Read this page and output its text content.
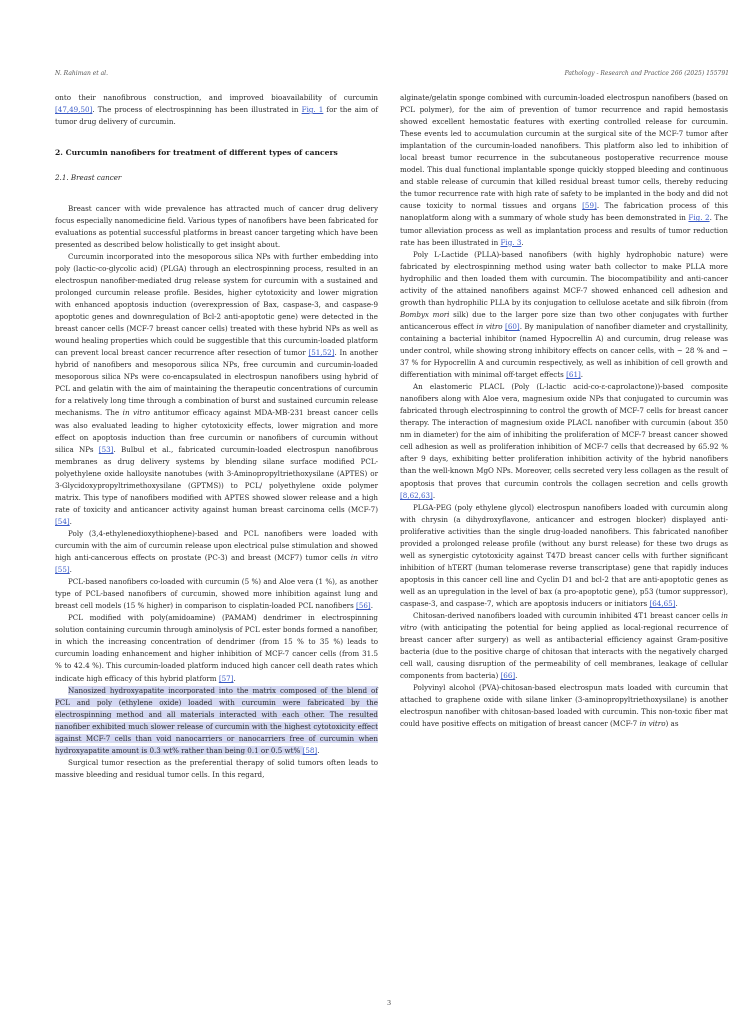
N. Rahiman et al.	Pathology - Research and Practice 266 (2025) 155791

onto their nanofibrous construction, and improved bioavailability of curcumin [47,49,50]. The process of electrospinning has been illustrated in Fig. 1 for the aim of tumor drug delivery of curcumin.

2. Curcumin nanofibers for treatment of different types of cancers

2.1. Breast cancer

Breast cancer with wide prevalence has attracted much of cancer drug delivery focus especially nanomedicine field. Various types of nanofibers have been fabricated for evaluations as potential successful platforms in breast cancer targeting which have been presented as described below holistically to get insight about.

Curcumin incorporated into the mesoporous silica NPs with further embedding into poly (lactic-co-glycolic acid) (PLGA) through an electrospinning process, resulted in an electrospun nanofiber-mediated drug release system for curcumin with a sustained and prolonged curcumin release profile. Besides, higher cytotoxicity and lower migration with enhanced apoptosis induction (overexpression of Bax, caspase-3, and caspase-9 apoptotic genes and downregulation of Bcl-2 anti-apoptotic gene) were detected in the breast cancer cells (MCF-7 breast cancer cells) treated with these hybrid NPs as well as wound healing properties which could be suggestible that this curcumin-loaded platform can prevent local breast cancer recurrence after resection of tumor [51,52]. In another hybrid of nanofibers and mesoporous silica NPs, free curcumin and curcumin-loaded mesoporous silica NPs were co-encapsulated in electrospun nanofibers using hybrid of PCL and gelatin with the aim of maintaining the therapeutic concentrations of curcumin for a relatively long time through a combination of burst and sustained curcumin release mechanisms. The in vitro antitumor efficacy against MDA-MB-231 breast cancer cells was also evaluated leading to higher cytotoxicity effects, lower migration and more effect on apoptosis induction than free curcumin or nanofibers of curcumin without silica NPs [53]. Bulbul et al., fabricated curcumin-loaded electrospun nanofibrous membranes as drug delivery systems by blending silane surface modified PCL-polyethylene oxide halloysite nanotubes (with 3-Aminopropyltriethoxysilane (APTES) or 3-Glycidoxypropyltrimethoxysilane (GPTMS)) to PCL/ polyethylene oxide polymer matrix. This type of nanofibers modified with APTES showed slower release and a high rate of toxicity and anticancer activity against human breast carcinoma cells (MCF-7) [54].

Poly (3,4-ethylenedioxythiophene)-based and PCL nanofibers were loaded with curcumin with the aim of curcumin release upon electrical pulse stimulation and showed high anti-cancerous effects on prostate (PC-3) and breast (MCF7) tumor cells in vitro [55].

PCL-based nanofibers co-loaded with curcumin (5 %) and Aloe vera (1 %), as another type of PCL-based nanofibers of curcumin, showed more inhibition against lung and breast cell models (15 % higher) in comparison to cisplatin-loaded PCL nanofibers [56].

PCL modified with poly(amidoamine) (PAMAM) dendrimer in electrospinning solution containing curcumin through aminolysis of PCL ester bonds formed a nanofiber, in which the increasing concentration of dendrimer (from 15 % to 35 %) leads to curcumin loading enhancement and higher inhibition of MCF-7 cancer cells (from 31.5 % to 42.4 %). This curcumin-loaded platform induced high cancer cell death rates which indicate high efficacy of this hybrid platform [57].

Nanosized hydroxyapatite incorporated into the matrix composed of the blend of PCL and poly (ethylene oxide) loaded with curcumin were fabricated by the electrospinning method and all materials interacted with each other. The resulted nanofiber exhibited much slower release of curcumin with the highest cytotoxicity effect against MCF-7 cells than void nanocarriers or nanocarriers free of curcumin when hydroxyapatite amount is 0.3 wt% rather than being 0.1 or 0.5 wt% [58].

Surgical tumor resection as the preferential therapy of solid tumors often leads to massive bleeding and residual tumor cells. In this regard,

alginate/gelatin sponge combined with curcumin-loaded electrospun nanofibers (based on PCL polymer), for the aim of prevention of tumor recurrence and rapid hemostasis showed excellent hemostatic features with exerting controlled release for curcumin. These events led to accumulation curcumin at the surgical site of the MCF-7 tumor after implantation of the curcumin-loaded nanofibers. This platform also led to inhibition of local breast tumor recurrence in the subcutaneous postoperative recurrence mouse model. This dual functional implantable sponge quickly stopped bleeding and continuous and stable release of curcumin that killed residual breast tumor cells, thereby reducing the tumor recurrence rate with high rate of safety to be implanted in the body and did not cause toxicity to normal tissues and organs [59]. The fabrication process of this nanoplatform along with a summary of whole study has been demonstrated in Fig. 2. The tumor alleviation process as well as implantation process and results of tumor reduction rate has been illustrated in Fig. 3.

Poly L-Lactide (PLLA)-based nanofibers (with highly hydrophobic nature) were fabricated by electrospinning method using water bath collector to make PLLA more hydrophilic and then loaded them with curcumin. The biocompatibility and anti-cancer activity of the attained nanofibers against MCF-7 showed enhanced cell adhesion and growth than hydrophilic PLLA by its conjugation to cellulose acetate and silk fibroin (from Bombyx mori silk) due to the larger pore size than two other conjugates with further anticancerous effect in vitro [60]. By manipulation of nanofiber diameter and crystallinity, containing a bacterial inhibitor (named Hypocrellin A) and curcumin, drug release was under control, while showing strong inhibitory effects on cancer cells, with ~ 28 % and ~ 37 % for Hypocrellin A and curcumin respectively, as well as inhibition of cell growth and differentiation with minimal off-target effects [61].

An elastomeric PLACL (Poly (L-lactic acid-co-ε-caprolactone))-based composite nanofibers along with Aloe vera, magnesium oxide NPs that conjugated to curcumin was fabricated through electrospinning to control the growth of MCF-7 cells for breast cancer therapy. The interaction of magnesium oxide PLACL nanofiber with curcumin (about 350 nm in diameter) for the aim of inhibiting the proliferation of MCF-7 breast cancer showed cell adhesion as well as proliferation inhibition of MCF-7 cells that decreased by 65.92 % after 9 days, exhibiting better proliferation inhibition activity of the hybrid nanofibers than the well-known MgO NPs. Moreover, cells secreted very less collagen as the result of apoptosis that proves that curcumin controls the collagen secretion and cells growth [8,62,63].

PLGA-PEG (poly ethylene glycol) electrospun nanofibers loaded with curcumin along with chrysin (a dihydroxyflavone, anticancer and estrogen blocker) displayed anti-proliferative activities than the single drug-loaded nanofibers. This fabricated nanofiber provided a prolonged release profile (without any burst release) for these two drugs as well as synergistic cytotoxicity against T47D breast cancer cells with further significant inhibition of hTERT (human telomerase reverse transcriptase) gene that rapidly induces apoptosis in this cancer cell line and Cyclin D1 and bcl-2 that are anti-apoptotic genes as well as an upregulation in the level of bax (a pro-apoptotic gene), p53 (tumor suppressor), caspase-3, and caspase-7, which are apoptosis inducers or initiators [64,65].

Chitosan-derived nanofibers loaded with curcumin inhibited 4T1 breast cancer cells in vitro (with anticipating the potential for being applied as local-regional recurrence of breast cancer after surgery) as well as antibacterial efficiency against Gram-positive bacteria (due to the positive charge of chitosan that interacts with the negatively charged cell wall, causing disruption of the permeability of cell membranes, leakage of cellular components from bacteria) [66].

Polyvinyl alcohol (PVA)-chitosan-based electrospun mats loaded with curcumin that attached to graphene oxide with silane linker (3-aminopropyltriethoxysilane) is another electrospun nanofiber with chitosan-based loaded with curcumin. This non-toxic fiber mat could have positive effects on mitigation of breast cancer (MCF-7 in vitro) as

3
